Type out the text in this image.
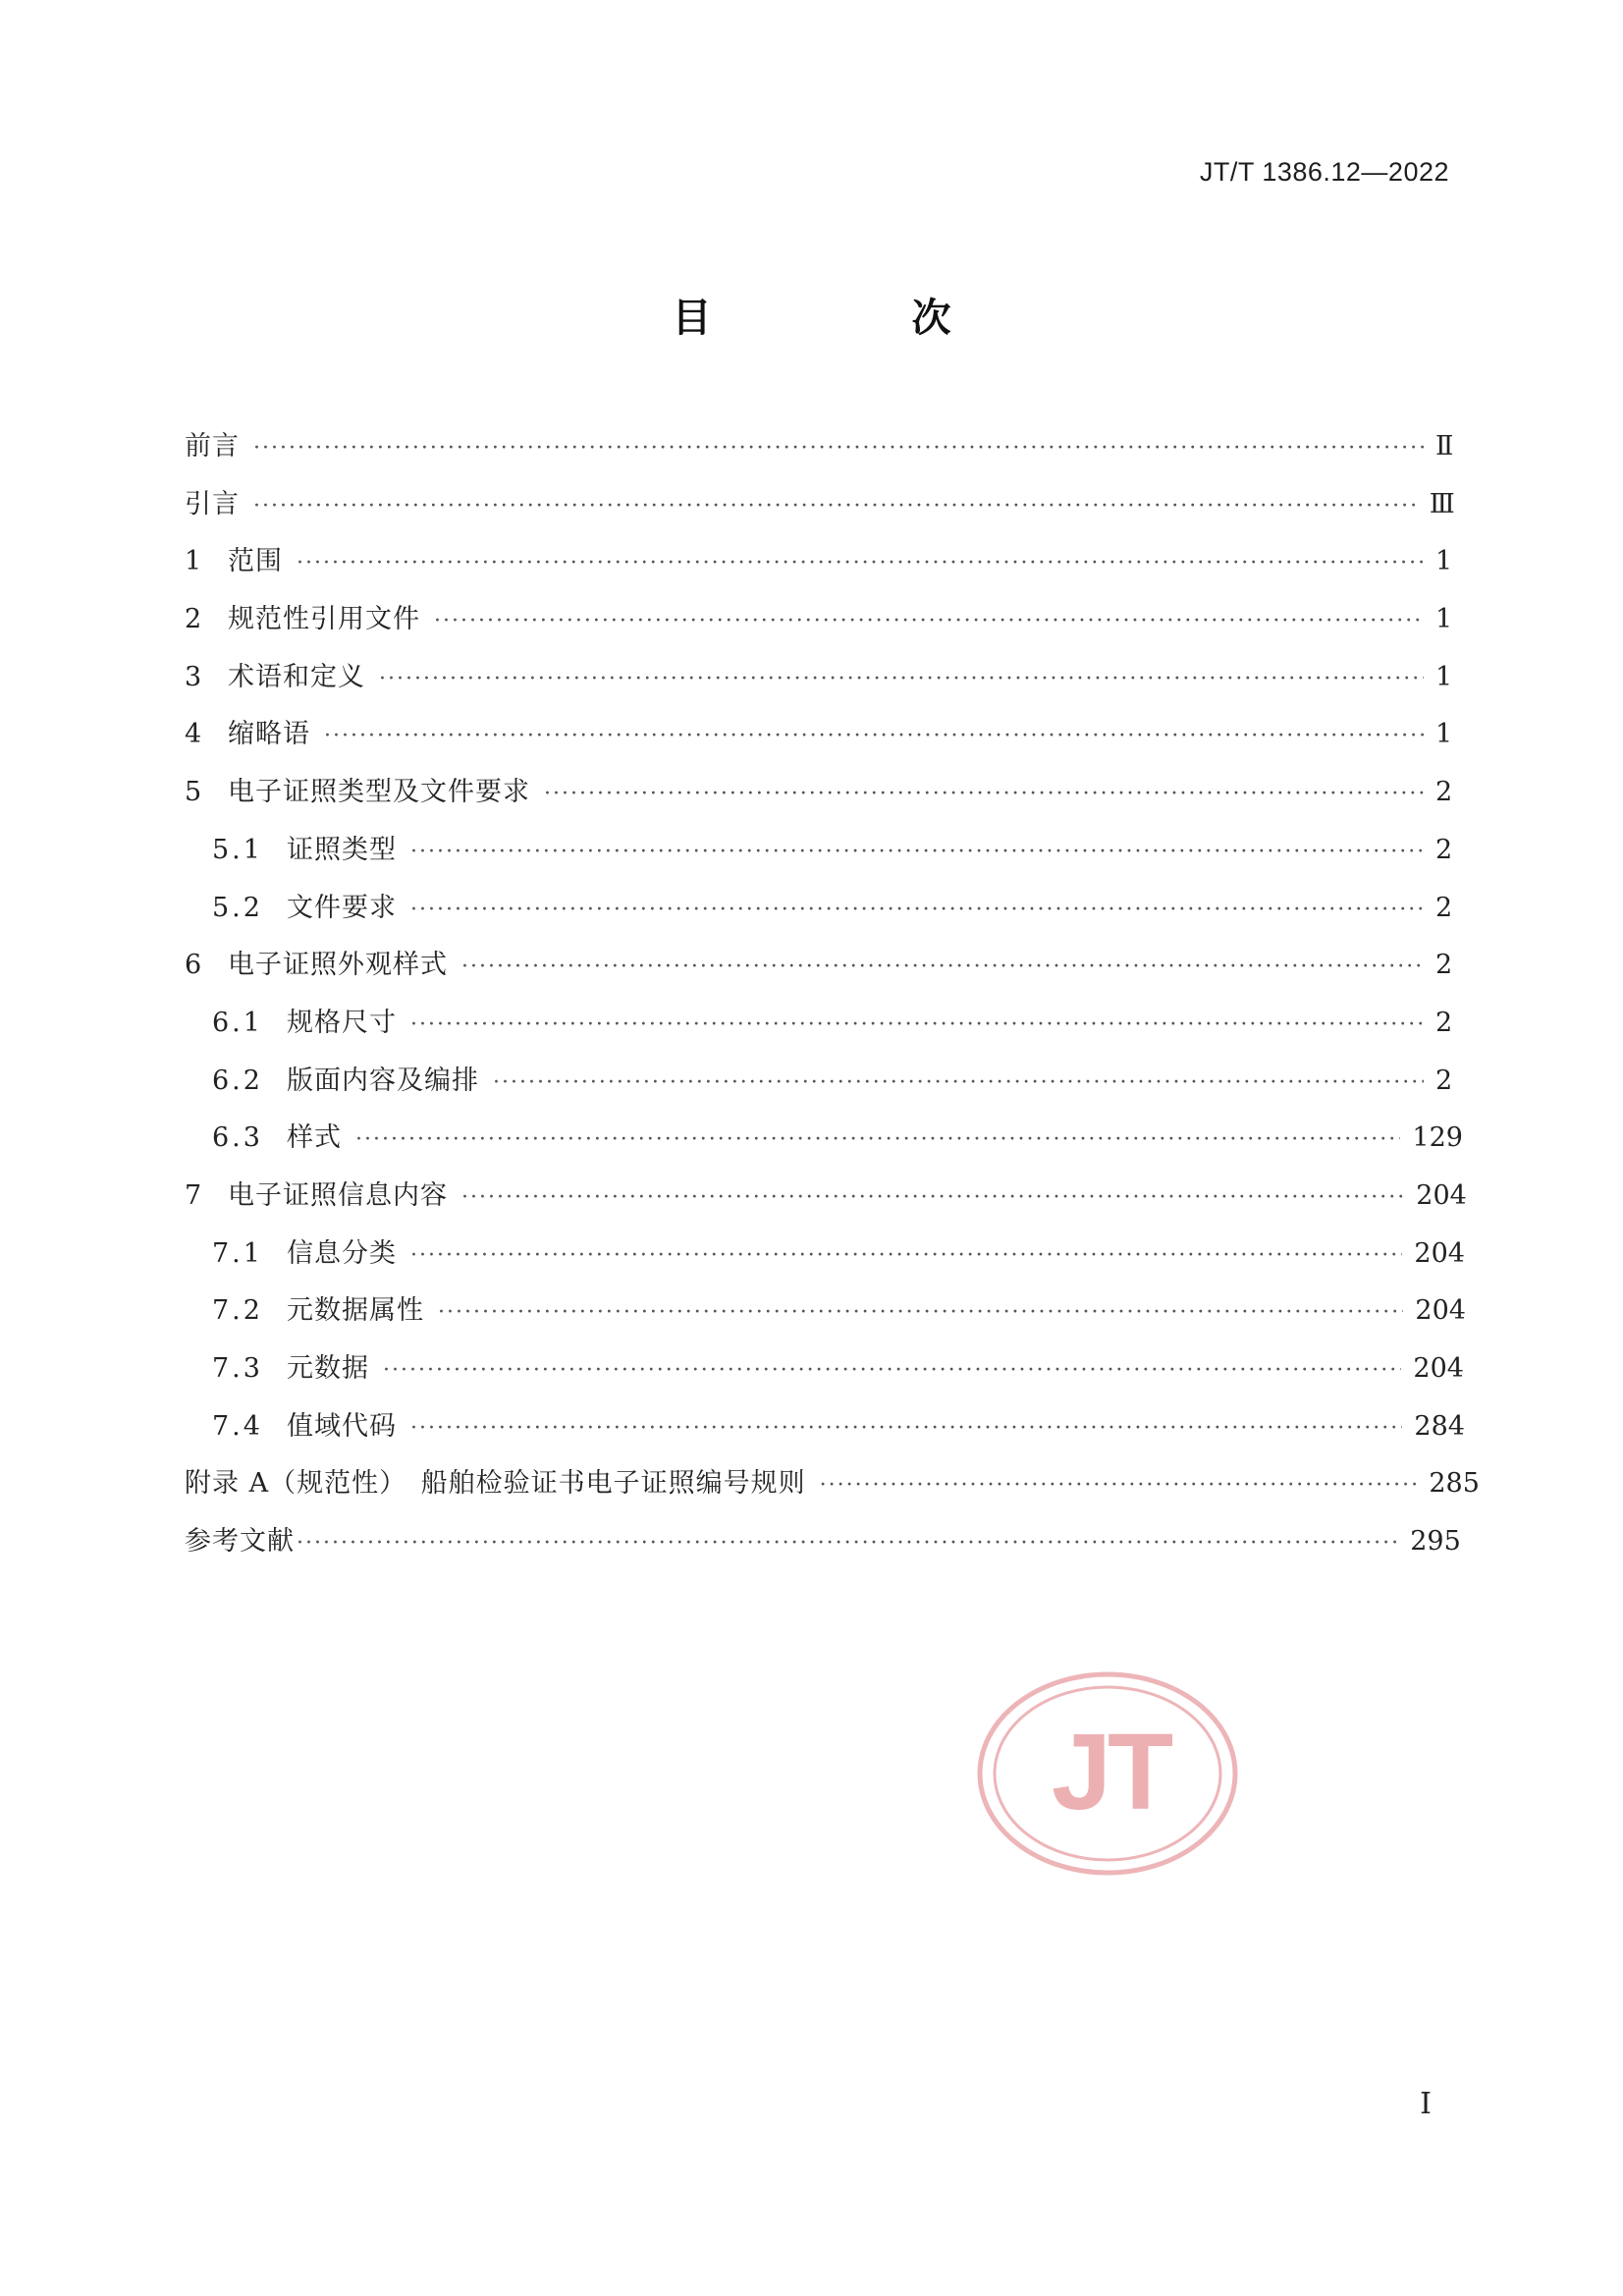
JT/T 1386.12—2022
目　次
前言 ·····	Ⅱ
引言 ·····	Ⅲ
1 范围 ·····	1
2 规范性引用文件 ·····	1
3 术语和定义 ·····	1
4 缩略语 ·····	1
5 电子证照类型及文件要求 ·····	2
5.1 证照类型 ·····	2
5.2 文件要求 ·····	2
6 电子证照外观样式 ·····	2
6.1 规格尺寸 ·····	2
6.2 版面内容及编排 ·····	2
6.3 样式 ·····	129
7 电子证照信息内容 ·····	204
7.1 信息分类 ·····	204
7.2 元数据属性 ·····	204
7.3 元数据 ·····	204
7.4 值域代码 ·····	284
附录 A（规范性）　船舶检验证书电子证照编号规则 ·····	285
参考文献 ·····	295
JT
Ⅰ
